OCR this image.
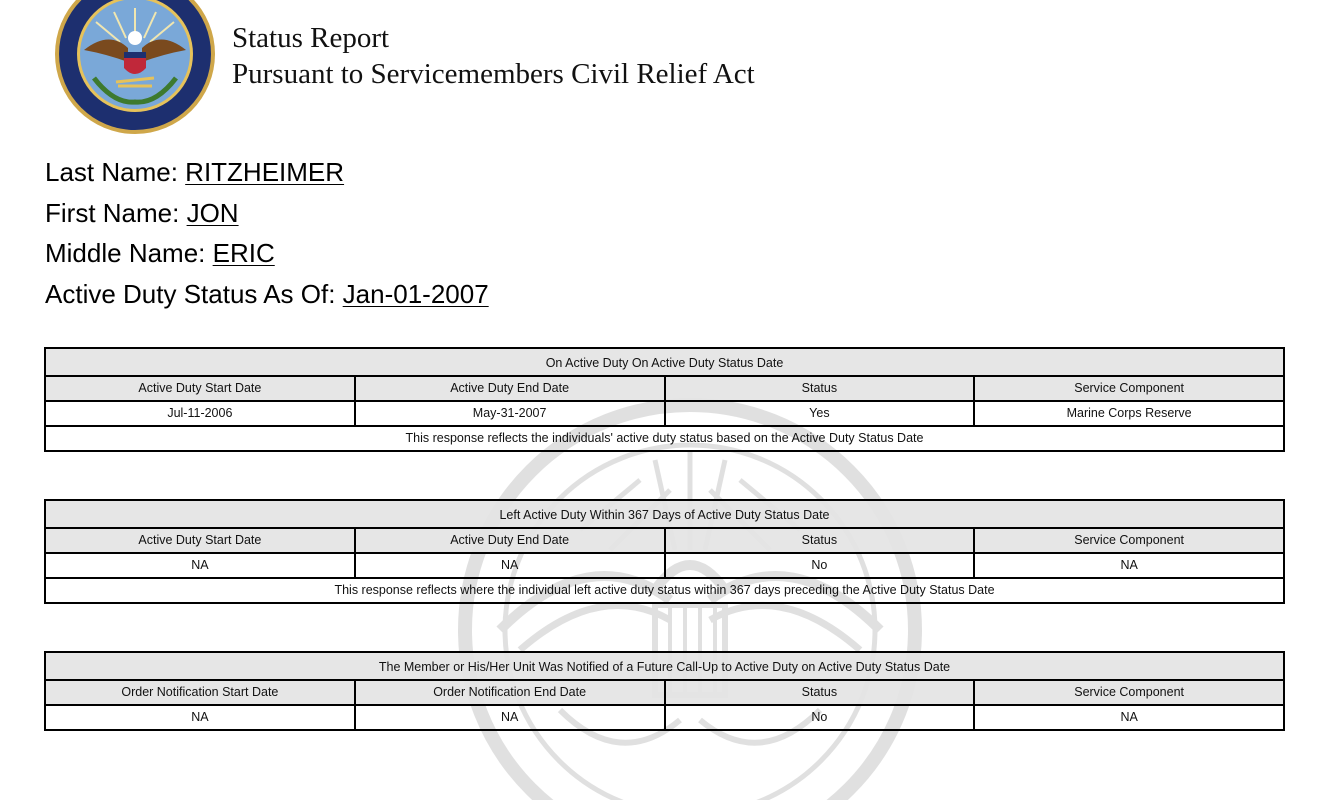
Status Report
Pursuant to Servicemembers Civil Relief Act
Last Name: RITZHEIMER
First Name: JON
Middle Name: ERIC
Active Duty Status As Of: Jan-01-2007
On Active Duty On Active Duty Status Date
Active Duty Start Date	Active Duty End Date	Status	Service Component
Jul-11-2006	May-31-2007	Yes	Marine Corps Reserve
This response reflects the individuals' active duty status based on the Active Duty Status Date
Left Active Duty Within 367 Days of Active Duty Status Date
Active Duty Start Date	Active Duty End Date	Status	Service Component
NA	NA	No	NA
This response reflects where the individual left active duty status within 367 days preceding the Active Duty Status Date
The Member or His/Her Unit Was Notified of a Future Call-Up to Active Duty on Active Duty Status Date
Order Notification Start Date	Order Notification End Date	Status	Service Component
NA	NA	No	NA
